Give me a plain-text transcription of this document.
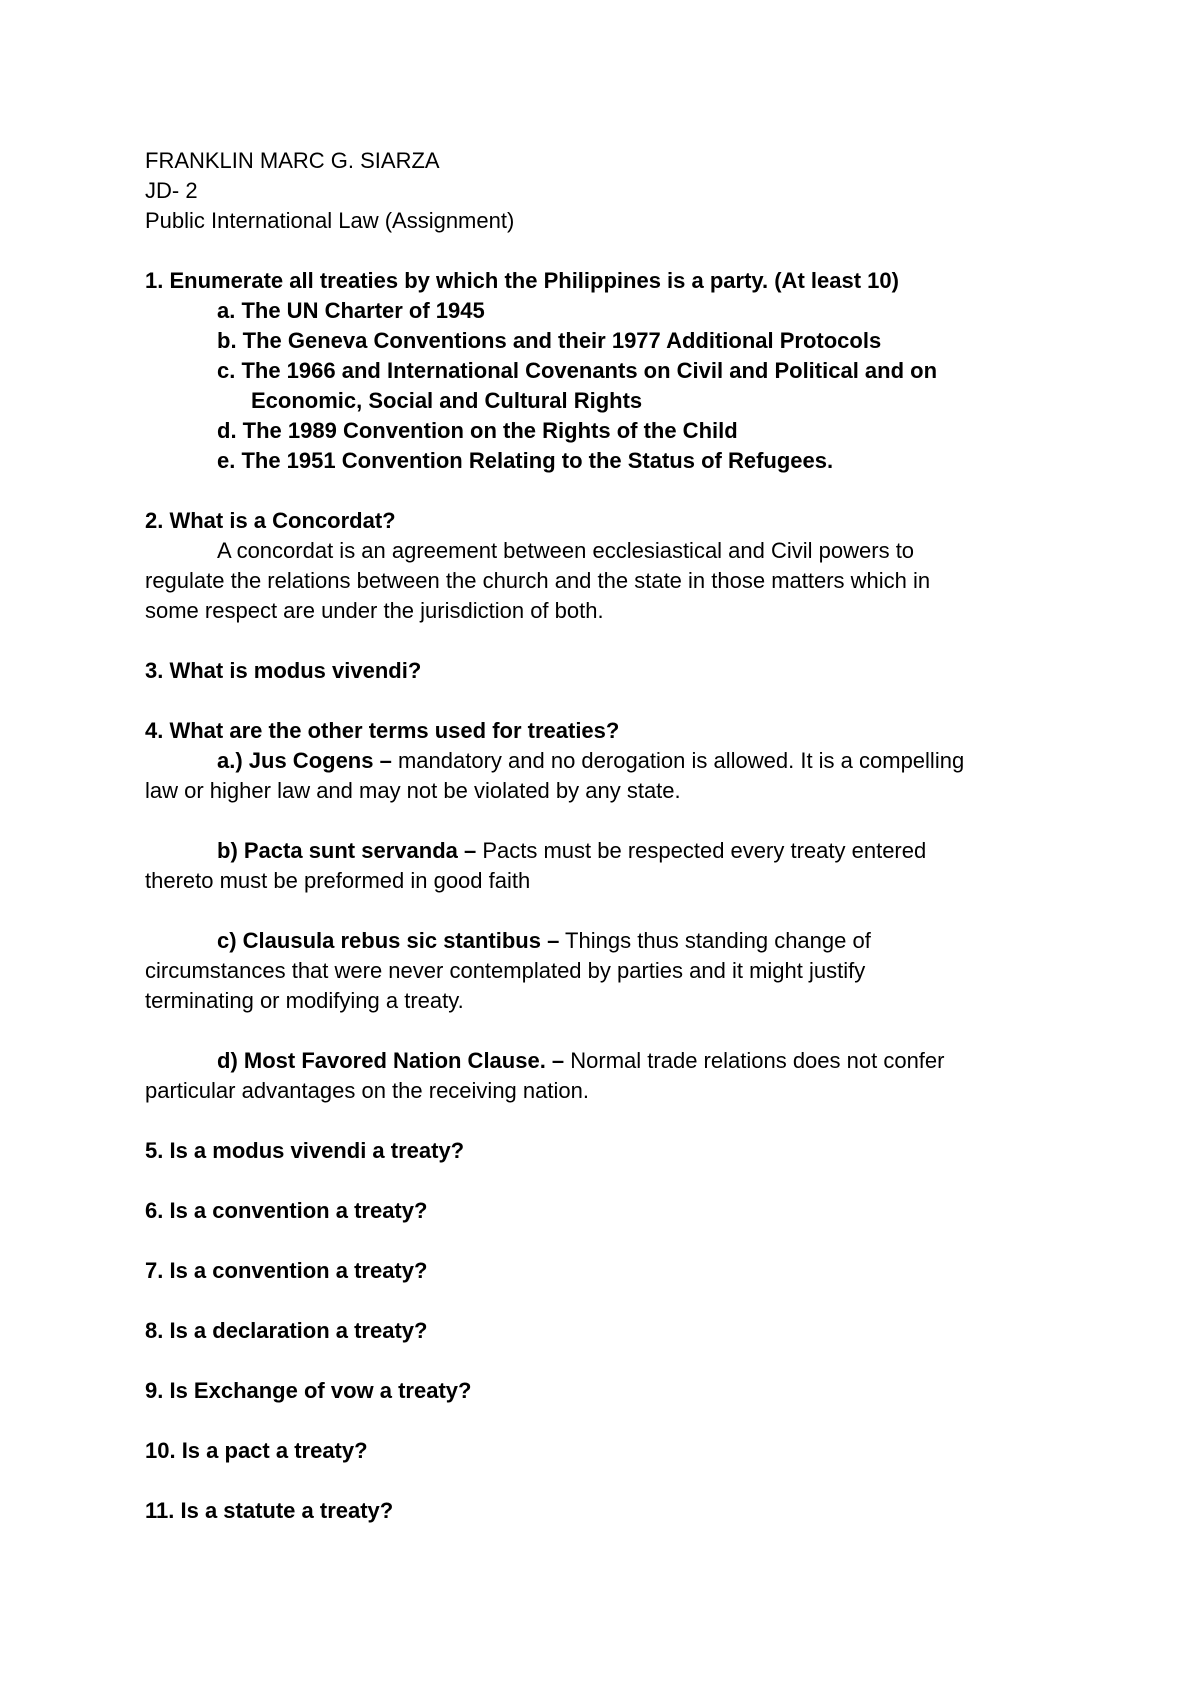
FRANKLIN MARC G. SIARZA
JD- 2
Public International Law (Assignment)
1. Enumerate all treaties by which the Philippines is a party. (At least 10)
a. The UN Charter of 1945
b. The Geneva Conventions and their 1977 Additional Protocols
c. The 1966 and International Covenants on Civil and Political and on
Economic, Social and Cultural Rights
d. The 1989 Convention on the Rights of the Child
e. The 1951 Convention Relating to the Status of Refugees.
2. What is a Concordat?
A concordat is an agreement between ecclesiastical and Civil powers to
regulate the relations between the church and the state in those matters which in
some respect are under the jurisdiction of both.
3. What is modus vivendi?
4. What are the other terms used for treaties?
a.) Jus Cogens – mandatory and no derogation is allowed. It is a compelling
law or higher law and may not be violated by any state.
b) Pacta sunt servanda – Pacts must be respected every treaty entered
thereto must be preformed in good faith
c) Clausula rebus sic stantibus – Things thus standing change of
circumstances that were never contemplated by parties and it might justify
terminating or modifying a treaty.
d) Most Favored Nation Clause. – Normal trade relations does not confer
particular advantages on the receiving nation.
5. Is a modus vivendi a treaty?
6. Is a convention a treaty?
7. Is a convention a treaty?
8. Is a declaration a treaty?
9. Is Exchange of vow a treaty?
10. Is a pact a treaty?
11. Is a statute a treaty?
